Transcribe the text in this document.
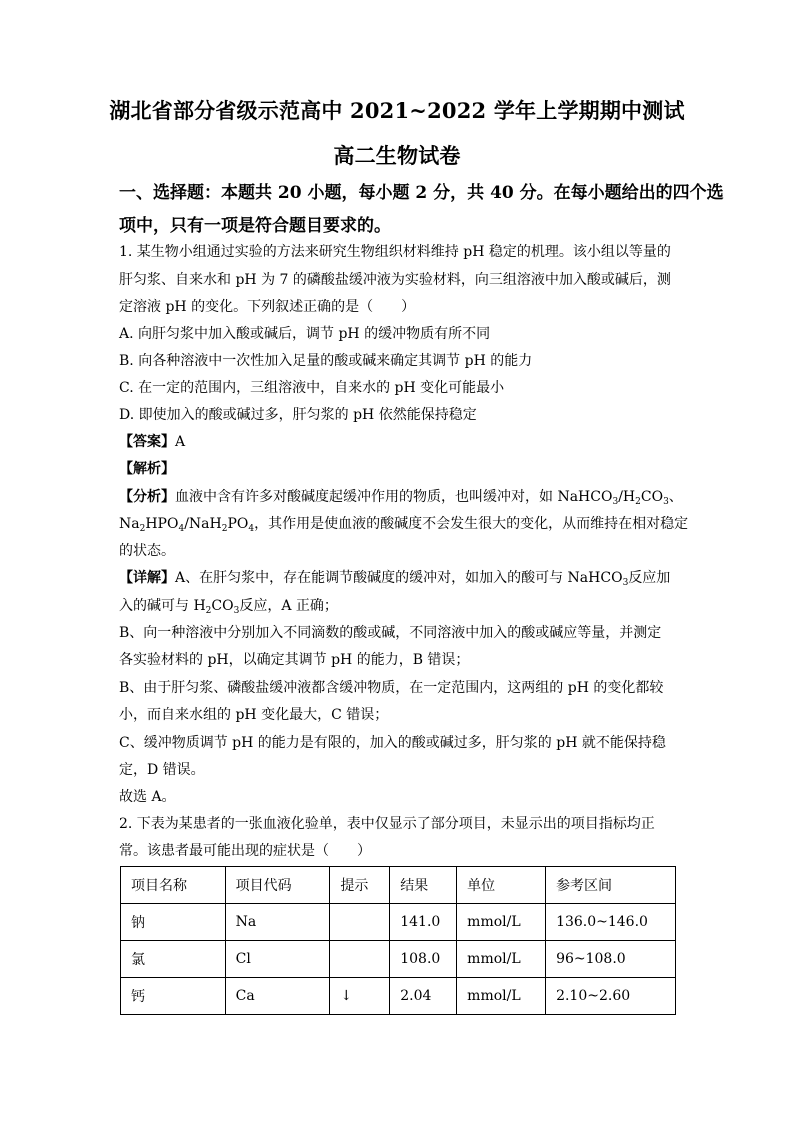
湖北省部分省级示范高中 2021~2022 学年上学期期中测试
高二生物试卷
一、选择题：本题共 20 小题，每小题 2 分，共 40 分。在每小题给出的四个选
项中，只有一项是符合题目要求的。
1. 某生物小组通过实验的方法来研究生物组织材料维持 pH 稳定的机理。该小组以等量的
肝匀浆、自来水和 pH 为 7 的磷酸盐缓冲液为实验材料，向三组溶液中加入酸或碱后，测
定溶液 pH 的变化。下列叙述正确的是（　　）
A. 向肝匀浆中加入酸或碱后，调节 pH 的缓冲物质有所不同
B. 向各种溶液中一次性加入足量的酸或碱来确定其调节 pH 的能力
C. 在一定的范围内，三组溶液中，自来水的 pH 变化可能最小
D. 即使加入的酸或碱过多，肝匀浆的 pH 依然能保持稳定
【答案】A
【解析】
【分析】血液中含有许多对酸碱度起缓冲作用的物质，也叫缓冲对，如 $NaHCO_3/H_2CO_3$、
$Na_2HPO_4/NaH_2PO_4$，其作用是使血液的酸碱度不会发生很大的变化，从而维持在相对稳定
的状态。
【详解】A、在肝匀浆中，存在能调节酸碱度的缓冲对，如加入的酸可与 NaHCO$_3$反应加
入的碱可与 $H_2CO_3$反应，A 正确；
B、向一种溶液中分别加入不同滴数的酸或碱，不同溶液中加入的酸或碱应等量，并测定
各实验材料的 pH，以确定其调节 pH 的能力，B 错误；
B、由于肝匀浆、磷酸盐缓冲液都含缓冲物质，在一定范围内，这两组的 pH 的变化都较
小，而自来水组的 pH 变化最大，C 错误；
C、缓冲物质调节 pH 的能力是有限的，加入的酸或碱过多，肝匀浆的 pH 就不能保持稳
定，D 错误。
故选 A。
2. 下表为某患者的一张血液化验单，表中仅显示了部分项目，未显示出的项目指标均正
常。该患者最可能出现的症状是（　　）
项目名称	项目代码	提示	结果	单位	参考区间
钠	Na		141.0	mmol/L	136.0~146.0
氯	Cl		108.0	mmol/L	96~108.0
钙	Ca	↓	2.04	mmol/L	2.10~2.60
